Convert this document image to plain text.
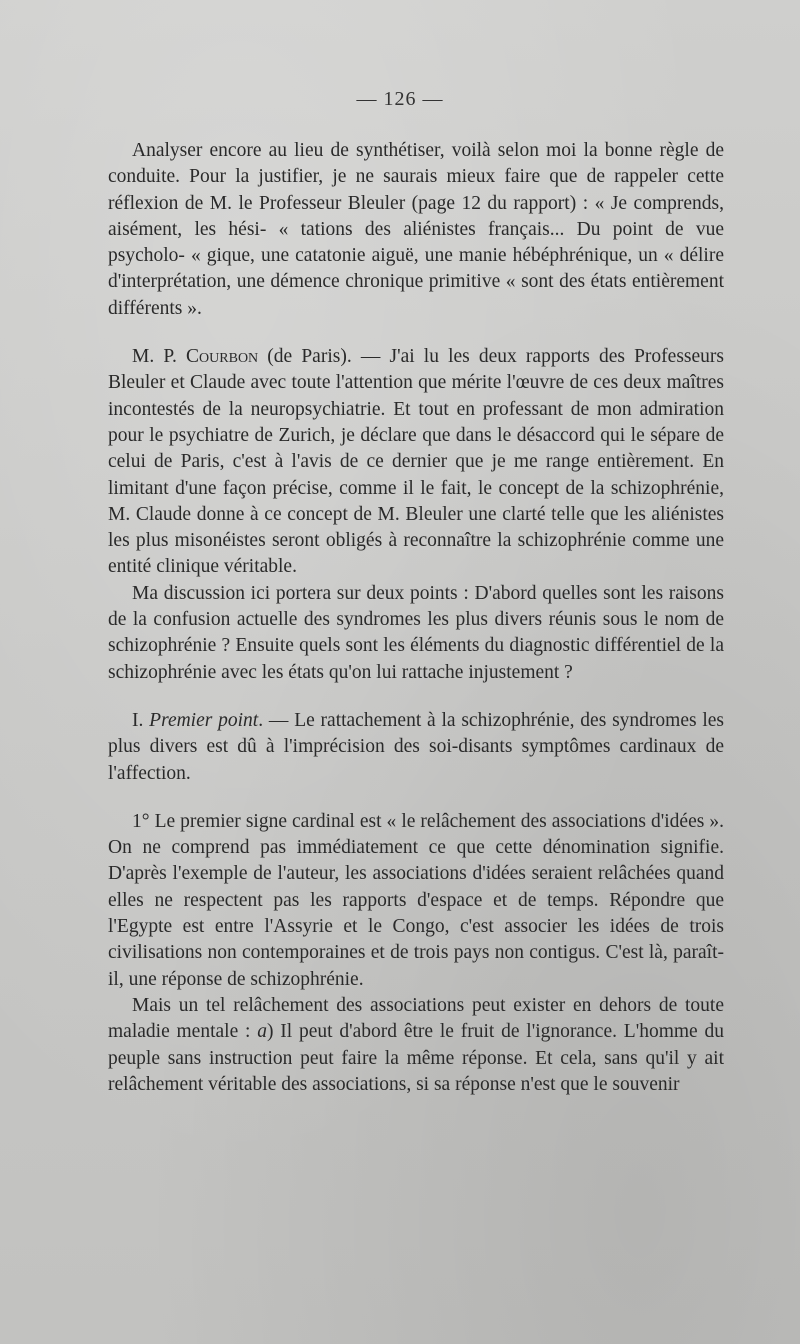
— 126 —

Analyser encore au lieu de synthétiser, voilà selon moi la bonne règle de conduite. Pour la justifier, je ne saurais mieux faire que de rappeler cette réflexion de M. le Professeur Bleuler (page 12 du rapport) : « Je comprends, aisément, les hési- « tations des aliénistes français... Du point de vue psycholo- « gique, une catatonie aiguë, une manie hébéphrénique, un « délire d'interprétation, une démence chronique primitive « sont des états entièrement différents ».

M. P. Courbon (de Paris). — J'ai lu les deux rapports des Professeurs Bleuler et Claude avec toute l'attention que mérite l'œuvre de ces deux maîtres incontestés de la neuropsychiatrie. Et tout en professant de mon admiration pour le psychiatre de Zurich, je déclare que dans le désaccord qui le sépare de celui de Paris, c'est à l'avis de ce dernier que je me range entièrement. En limitant d'une façon précise, comme il le fait, le concept de la schizophrénie, M. Claude donne à ce concept de M. Bleuler une clarté telle que les aliénistes les plus misonéistes seront obligés à reconnaître la schizophrénie comme une entité clinique véritable.

Ma discussion ici portera sur deux points : D'abord quelles sont les raisons de la confusion actuelle des syndromes les plus divers réunis sous le nom de schizophrénie ? Ensuite quels sont les éléments du diagnostic différentiel de la schizophrénie avec les états qu'on lui rattache injustement ?

I. Premier point. — Le rattachement à la schizophrénie, des syndromes les plus divers est dû à l'imprécision des soi-disants symptômes cardinaux de l'affection.

1° Le premier signe cardinal est « le relâchement des associations d'idées ». On ne comprend pas immédiatement ce que cette dénomination signifie. D'après l'exemple de l'auteur, les associations d'idées seraient relâchées quand elles ne respectent pas les rapports d'espace et de temps. Répondre que l'Egypte est entre l'Assyrie et le Congo, c'est associer les idées de trois civilisations non contemporaines et de trois pays non contigus. C'est là, paraît-il, une réponse de schizophrénie.

Mais un tel relâchement des associations peut exister en dehors de toute maladie mentale : a) Il peut d'abord être le fruit de l'ignorance. L'homme du peuple sans instruction peut faire la même réponse. Et cela, sans qu'il y ait relâchement véritable des associations, si sa réponse n'est que le souvenir
